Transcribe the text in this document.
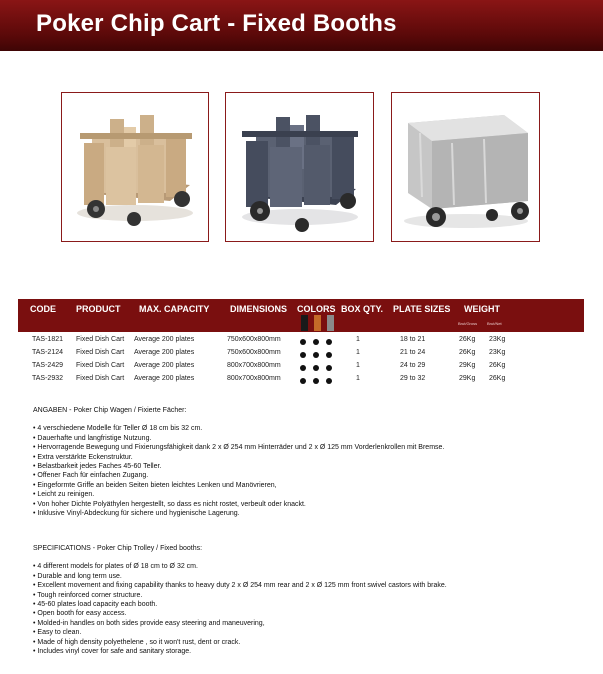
Poker Chip Cart - Fixed Booths
CODE PRODUCT MAX. CAPACITY DIMENSIONS COLORS BOX QTY. PLATE SIZES WEIGHT
Brut/Gross Brut/Net
TAS-1821 Fixed Dish Cart Average 200 plates	750x600x800mm	1	18 to 21	26Kg 23Kg
TAS-2124 Fixed Dish Cart Average 200 plates	750x600x800mm	1	21 to 24	26Kg 23Kg
TAS-2429 Fixed Dish Cart Average 200 plates	800x700x800mm	1	24 to 29	29Kg 26Kg
TAS-2932 Fixed Dish Cart Average 200 plates	800x700x800mm	1	29 to 32	29Kg 26Kg
ANGABEN - Poker Chip Wagen / Fixierte Fächer:
• 4 verschiedene Modelle für Teller Ø 18 cm bis 32 cm.
• Dauerhafte und langfristige Nutzung.
• Hervorragende Bewegung und Fixierungsfähigkeit dank 2 x Ø 254 mm Hinterräder und 2 x Ø 125 mm Vorderlenkrollen mit Bremse.
• Extra verstärkte Eckenstruktur.
• Belastbarkeit jedes Faches 45-60 Teller.
• Offener Fach für einfachen Zugang.
• Eingeformte Griffe an beiden Seiten bieten leichtes Lenken und Manövrieren,
• Leicht zu reinigen.
• Von hoher Dichte Polyäthylen hergestellt, so dass es nicht rostet, verbeult oder knackt.
• Inklusive Vinyl-Abdeckung für sichere und hygienische Lagerung.
SPECIFICATIONS - Poker Chip Trolley / Fixed booths:
• 4 different models for plates of Ø 18 cm to Ø 32 cm.
• Durable and long term use.
• Excellent movement and fixing capability thanks to heavy duty 2 x Ø 254 mm rear and 2 x Ø 125 mm front swivel castors with brake.
• Tough reinforced corner structure.
• 45-60 plates load capacity each booth.
• Open booth for easy access.
• Molded-in handles on both sides provide easy steering and maneuvering,
• Easy to clean.
• Made of high density polyethelene , so it won't rust, dent or crack.
• Includes vinyl cover for safe and sanitary storage.
